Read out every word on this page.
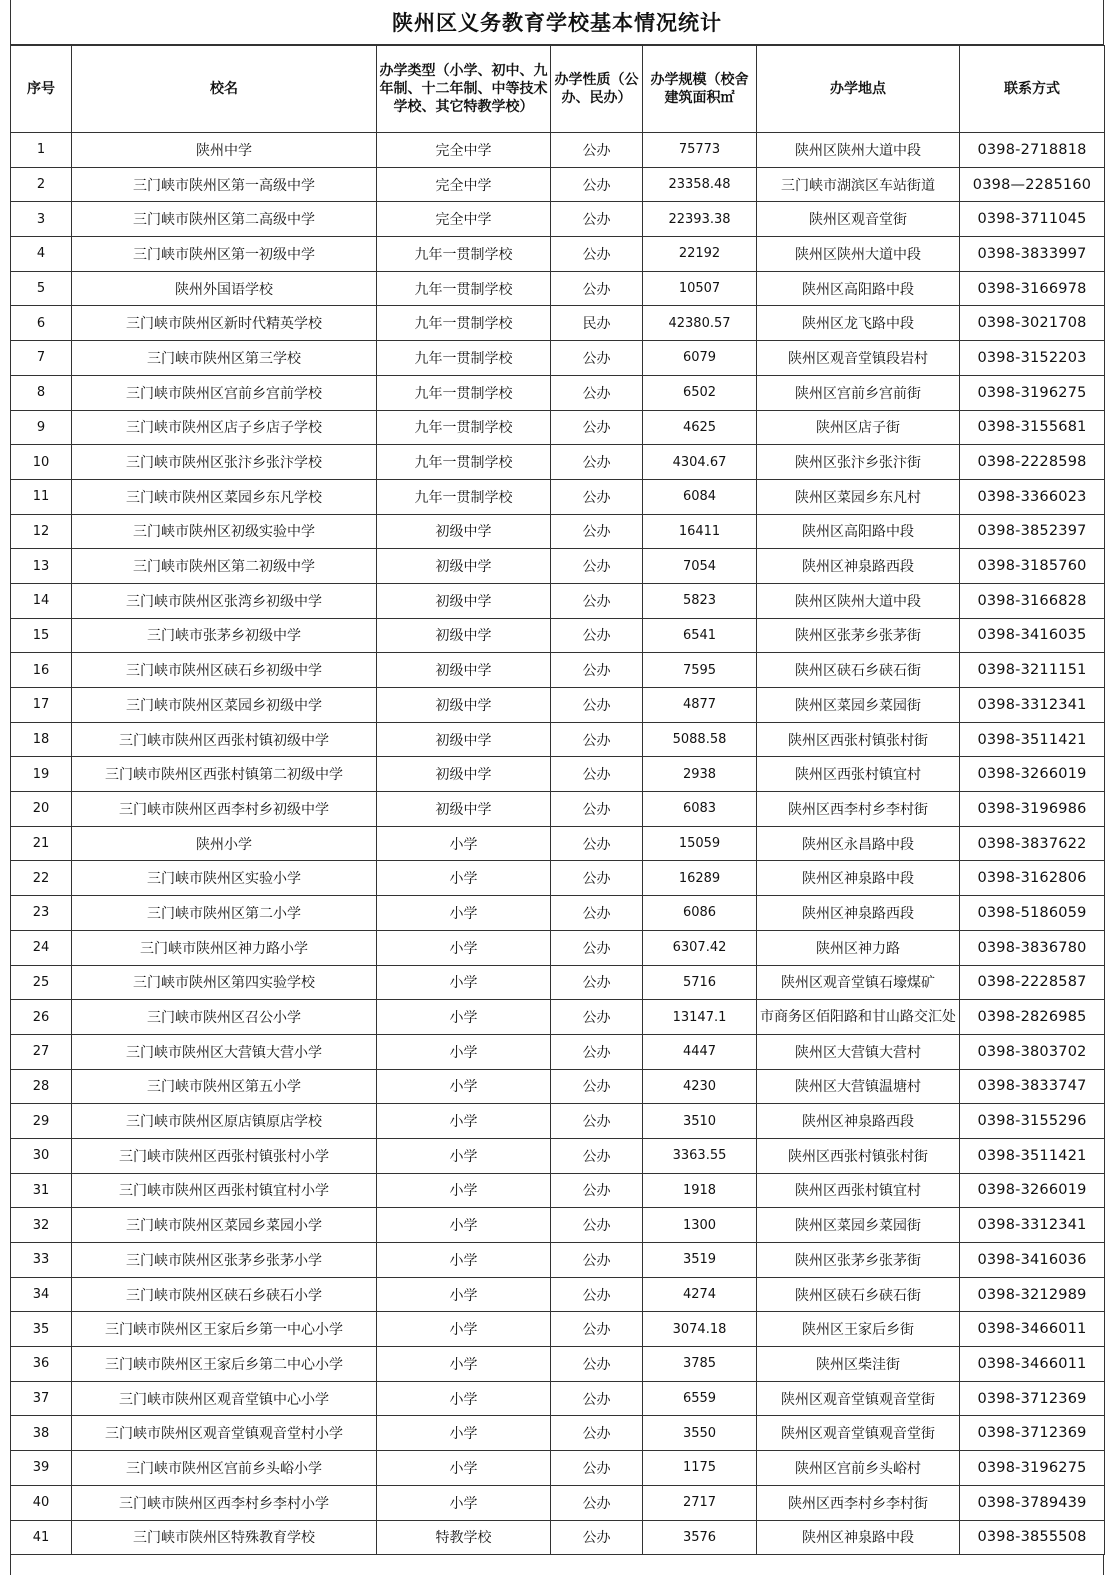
陕州区义务教育学校基本情况统计
序号	校名	办学类型（小学、初中、九年制、十二年制、中等技术学校、其它特教学校）	办学性质（公办、民办）	办学规模（校舍建筑面积㎡	办学地点	联系方式
1	陕州中学	完全中学	公办	75773	陕州区陕州大道中段	0398-2718818
2	三门峡市陕州区第一高级中学	完全中学	公办	23358.48	三门峡市湖滨区车站街道	0398—2285160
3	三门峡市陕州区第二高级中学	完全中学	公办	22393.38	陕州区观音堂街	0398-3711045
4	三门峡市陕州区第一初级中学	九年一贯制学校	公办	22192	陕州区陕州大道中段	0398-3833997
5	陕州外国语学校	九年一贯制学校	公办	10507	陕州区高阳路中段	0398-3166978
6	三门峡市陕州区新时代精英学校	九年一贯制学校	民办	42380.57	陕州区龙飞路中段	0398-3021708
7	三门峡市陕州区第三学校	九年一贯制学校	公办	6079	陕州区观音堂镇段岩村	0398-3152203
8	三门峡市陕州区宫前乡宫前学校	九年一贯制学校	公办	6502	陕州区宫前乡宫前街	0398-3196275
9	三门峡市陕州区店子乡店子学校	九年一贯制学校	公办	4625	陕州区店子街	0398-3155681
10	三门峡市陕州区张汴乡张汴学校	九年一贯制学校	公办	4304.67	陕州区张汴乡张汴街	0398-2228598
11	三门峡市陕州区菜园乡东凡学校	九年一贯制学校	公办	6084	陕州区菜园乡东凡村	0398-3366023
12	三门峡市陕州区初级实验中学	初级中学	公办	16411	陕州区高阳路中段	0398-3852397
13	三门峡市陕州区第二初级中学	初级中学	公办	7054	陕州区神泉路西段	0398-3185760
14	三门峡市陕州区张湾乡初级中学	初级中学	公办	5823	陕州区陕州大道中段	0398-3166828
15	三门峡市张茅乡初级中学	初级中学	公办	6541	陕州区张茅乡张茅街	0398-3416035
16	三门峡市陕州区硖石乡初级中学	初级中学	公办	7595	陕州区硖石乡硖石街	0398-3211151
17	三门峡市陕州区菜园乡初级中学	初级中学	公办	4877	陕州区菜园乡菜园街	0398-3312341
18	三门峡市陕州区西张村镇初级中学	初级中学	公办	5088.58	陕州区西张村镇张村街	0398-3511421
19	三门峡市陕州区西张村镇第二初级中学	初级中学	公办	2938	陕州区西张村镇宜村	0398-3266019
20	三门峡市陕州区西李村乡初级中学	初级中学	公办	6083	陕州区西李村乡李村街	0398-3196986
21	陕州小学	小学	公办	15059	陕州区永昌路中段	0398-3837622
22	三门峡市陕州区实验小学	小学	公办	16289	陕州区神泉路中段	0398-3162806
23	三门峡市陕州区第二小学	小学	公办	6086	陕州区神泉路西段	0398-5186059
24	三门峡市陕州区神力路小学	小学	公办	6307.42	陕州区神力路	0398-3836780
25	三门峡市陕州区第四实验学校	小学	公办	5716	陕州区观音堂镇石壕煤矿	0398-2228587
26	三门峡市陕州区召公小学	小学	公办	13147.1	市商务区佰阳路和甘山路交汇处	0398-2826985
27	三门峡市陕州区大营镇大营小学	小学	公办	4447	陕州区大营镇大营村	0398-3803702
28	三门峡市陕州区第五小学	小学	公办	4230	陕州区大营镇温塘村	0398-3833747
29	三门峡市陕州区原店镇原店学校	小学	公办	3510	陕州区神泉路西段	0398-3155296
30	三门峡市陕州区西张村镇张村小学	小学	公办	3363.55	陕州区西张村镇张村街	0398-3511421
31	三门峡市陕州区西张村镇宜村小学	小学	公办	1918	陕州区西张村镇宜村	0398-3266019
32	三门峡市陕州区菜园乡菜园小学	小学	公办	1300	陕州区菜园乡菜园街	0398-3312341
33	三门峡市陕州区张茅乡张茅小学	小学	公办	3519	陕州区张茅乡张茅街	0398-3416036
34	三门峡市陕州区硖石乡硖石小学	小学	公办	4274	陕州区硖石乡硖石街	0398-3212989
35	三门峡市陕州区王家后乡第一中心小学	小学	公办	3074.18	陕州区王家后乡街	0398-3466011
36	三门峡市陕州区王家后乡第二中心小学	小学	公办	3785	陕州区柴洼街	0398-3466011
37	三门峡市陕州区观音堂镇中心小学	小学	公办	6559	陕州区观音堂镇观音堂街	0398-3712369
38	三门峡市陕州区观音堂镇观音堂村小学	小学	公办	3550	陕州区观音堂镇观音堂街	0398-3712369
39	三门峡市陕州区宫前乡头峪小学	小学	公办	1175	陕州区宫前乡头峪村	0398-3196275
40	三门峡市陕州区西李村乡李村小学	小学	公办	2717	陕州区西李村乡李村街	0398-3789439
41	三门峡市陕州区特殊教育学校	特教学校	公办	3576	陕州区神泉路中段	0398-3855508
